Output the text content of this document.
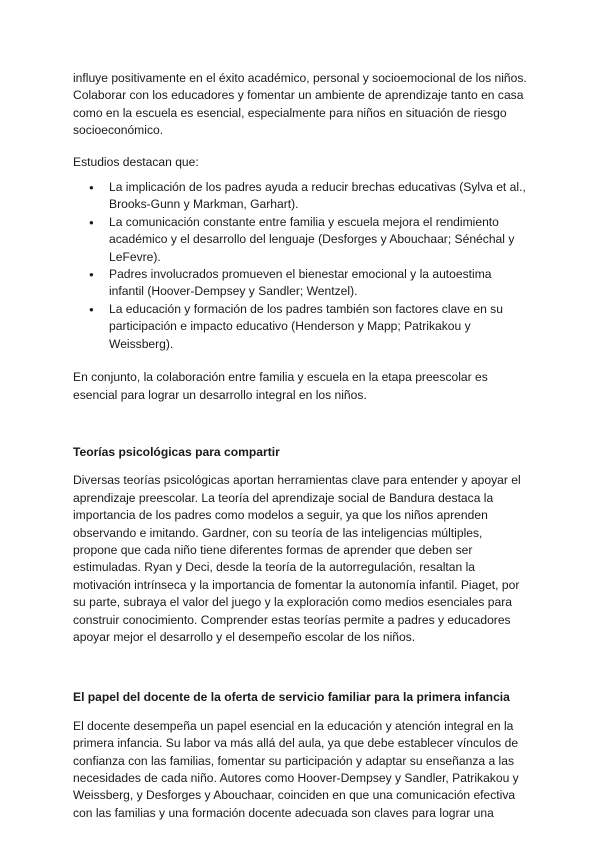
influye positivamente en el éxito académico, personal y socioemocional de los niños. Colaborar con los educadores y fomentar un ambiente de aprendizaje tanto en casa como en la escuela es esencial, especialmente para niños en situación de riesgo socioeconómico.

Estudios destacan que:

● La implicación de los padres ayuda a reducir brechas educativas (Sylva et al., Brooks-Gunn y Markman, Garhart).
● La comunicación constante entre familia y escuela mejora el rendimiento académico y el desarrollo del lenguaje (Desforges y Abouchaar; Sénéchal y LeFevre).
● Padres involucrados promueven el bienestar emocional y la autoestima infantil (Hoover-Dempsey y Sandler; Wentzel).
● La educación y formación de los padres también son factores clave en su participación e impacto educativo (Henderson y Mapp; Patrikakou y Weissberg).

En conjunto, la colaboración entre familia y escuela en la etapa preescolar es esencial para lograr un desarrollo integral en los niños.

Teorías psicológicas para compartir

Diversas teorías psicológicas aportan herramientas clave para entender y apoyar el aprendizaje preescolar. La teoría del aprendizaje social de Bandura destaca la importancia de los padres como modelos a seguir, ya que los niños aprenden observando e imitando. Gardner, con su teoría de las inteligencias múltiples, propone que cada niño tiene diferentes formas de aprender que deben ser estimuladas. Ryan y Deci, desde la teoría de la autorregulación, resaltan la motivación intrínseca y la importancia de fomentar la autonomía infantil. Piaget, por su parte, subraya el valor del juego y la exploración como medios esenciales para construir conocimiento. Comprender estas teorías permite a padres y educadores apoyar mejor el desarrollo y el desempeño escolar de los niños.

El papel del docente de la oferta de servicio familiar para la primera infancia

El docente desempeña un papel esencial en la educación y atención integral en la primera infancia. Su labor va más allá del aula, ya que debe establecer vínculos de confianza con las familias, fomentar su participación y adaptar su enseñanza a las necesidades de cada niño. Autores como Hoover-Dempsey y Sandler, Patrikakou y Weissberg, y Desforges y Abouchaar, coinciden en que una comunicación efectiva con las familias y una formación docente adecuada son claves para lograr una
